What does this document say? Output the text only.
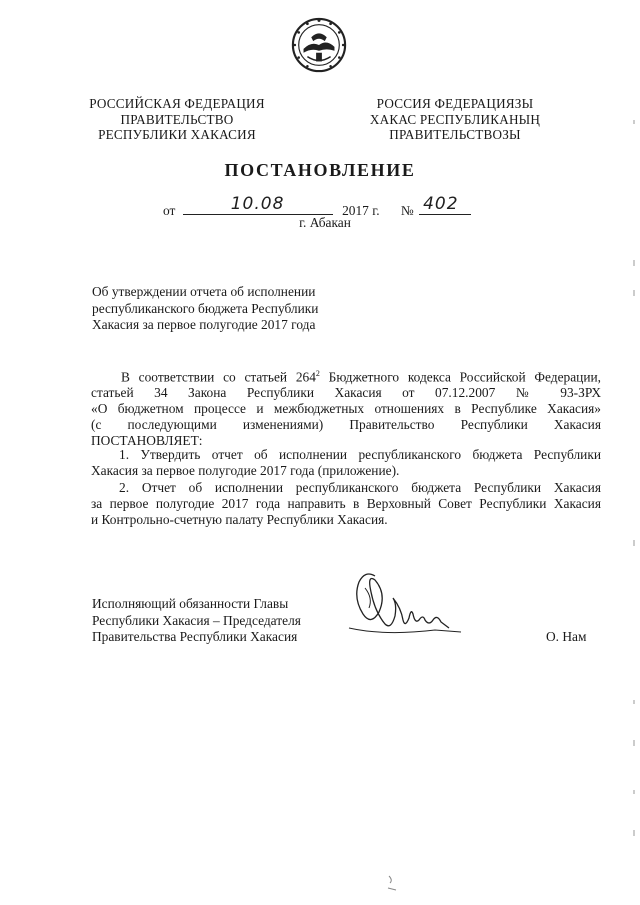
РОССИЙСКАЯ ФЕДЕРАЦИЯ
ПРАВИТЕЛЬСТВО
РЕСПУБЛИКИ ХАКАСИЯ
РОССИЯ ФЕДЕРАЦИЯЗЫ
ХАКАС РЕСПУБЛИКАНЫҢ
ПРАВИТЕЛЬСТВОЗЫ
ПОСТАНОВЛЕНИЕ
от	10.08	2017 г. № 402
г. Абакан
Об утверждении отчета об исполнении
республиканского бюджета Республики
Хакасия за первое полугодие 2017 года
В соответствии со статьей $264^2$ Бюджетного кодекса Российской Федерации,
статьей 34 Закона Республики Хакасия от 07.12.2007 № 93-ЗРХ
«О бюджетном процессе и межбюджетных отношениях в Республике Хакасия»
(с последующими изменениями) Правительство Республики Хакасия
ПОСТАНОВЛЯЕТ:
1. Утвердить отчет об исполнении республиканского бюджета Республики
Хакасия за первое полугодие 2017 года (приложение).
2. Отчет об исполнении республиканского бюджета Республики Хакасия
за первое полугодие 2017 года направить в Верховный Совет Республики Хакасия
и Контрольно-счетную палату Республики Хакасия.
Исполняющий обязанности Главы
Республики Хакасия – Председателя
Правительства Республики Хакасия	О. Нам
